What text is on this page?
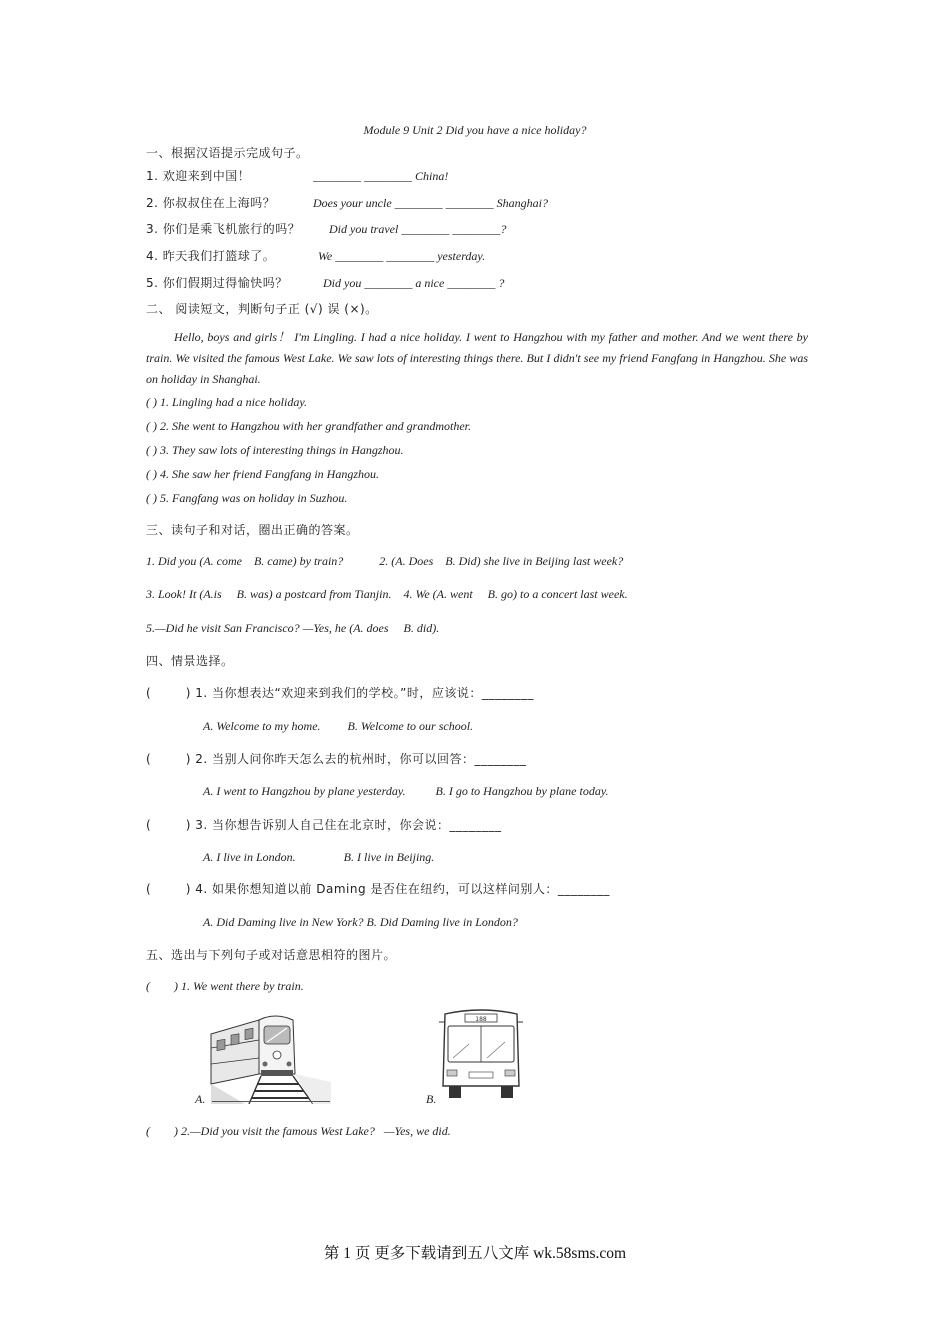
Module 9 Unit 2 Did you have a nice holiday?
一、根据汉语提示完成句子。
1. 欢迎来到中国！	________ ________ China!
2. 你叔叔住在上海吗？	Does your uncle ________ ________ Shanghai?
3. 你们是乘飞机旅行的吗？ Did you travel ________ ________?
4. 昨天我们打篮球了。	We ________ ________ yesterday.
5. 你们假期过得愉快吗？	Did you ________ a nice ________ ?
二、 阅读短文，判断句子正 (√) 误 (×)。
Hello, boys and girls！ I'm Lingling. I had a nice holiday. I went to Hangzhou with my father and mother. And we went there by train. We visited the famous West Lake. We saw lots of interesting things there. But I didn't see my friend Fangfang in Hangzhou. She was on holiday in Shanghai.
( ) 1. Lingling had a nice holiday.
( ) 2. She went to Hangzhou with her grandfather and grandmother.
( ) 3. They saw lots of interesting things in Hangzhou.
( ) 4. She saw her friend Fangfang in Hangzhou.
( ) 5. Fangfang was on holiday in Suzhou.
三、读句子和对话，圈出正确的答案。
1. Did you (A. come    B. came) by train?            2. (A. Does    B. Did) she live in Beijing last week?
3. Look! It (A.is     B. was) a postcard from Tianjin.    4. We (A. went     B. go) to a concert last week.
5.—Did he visit San Francisco? —Yes, he (A. does     B. did).
四、情景选择。
(        ) 1. 当你想表达“欢迎来到我们的学校。”时，应该说：________
A. Welcome to my home.         B. Welcome to our school.
(        ) 2. 当别人问你昨天怎么去的杭州时，你可以回答：________
A. I went to Hangzhou by plane yesterday.          B. I go to Hangzhou by plane today.
(        ) 3. 当你想告诉别人自己住在北京时，你会说：________
A. I live in London.                B. I live in Beijing.
(        ) 4. 如果你想知道以前 Daming 是否住在纽约，可以这样问别人：________
A. Did Daming live in New York? B. Did Daming live in London?
五、选出与下列句子或对话意思相符的图片。
(        ) 1. We went there by train.
A.
188
B.
(        ) 2.—Did you visit the famous West Lake?   —Yes, we did.
第 1 页 更多下载请到五八文库 wk.58sms.com
